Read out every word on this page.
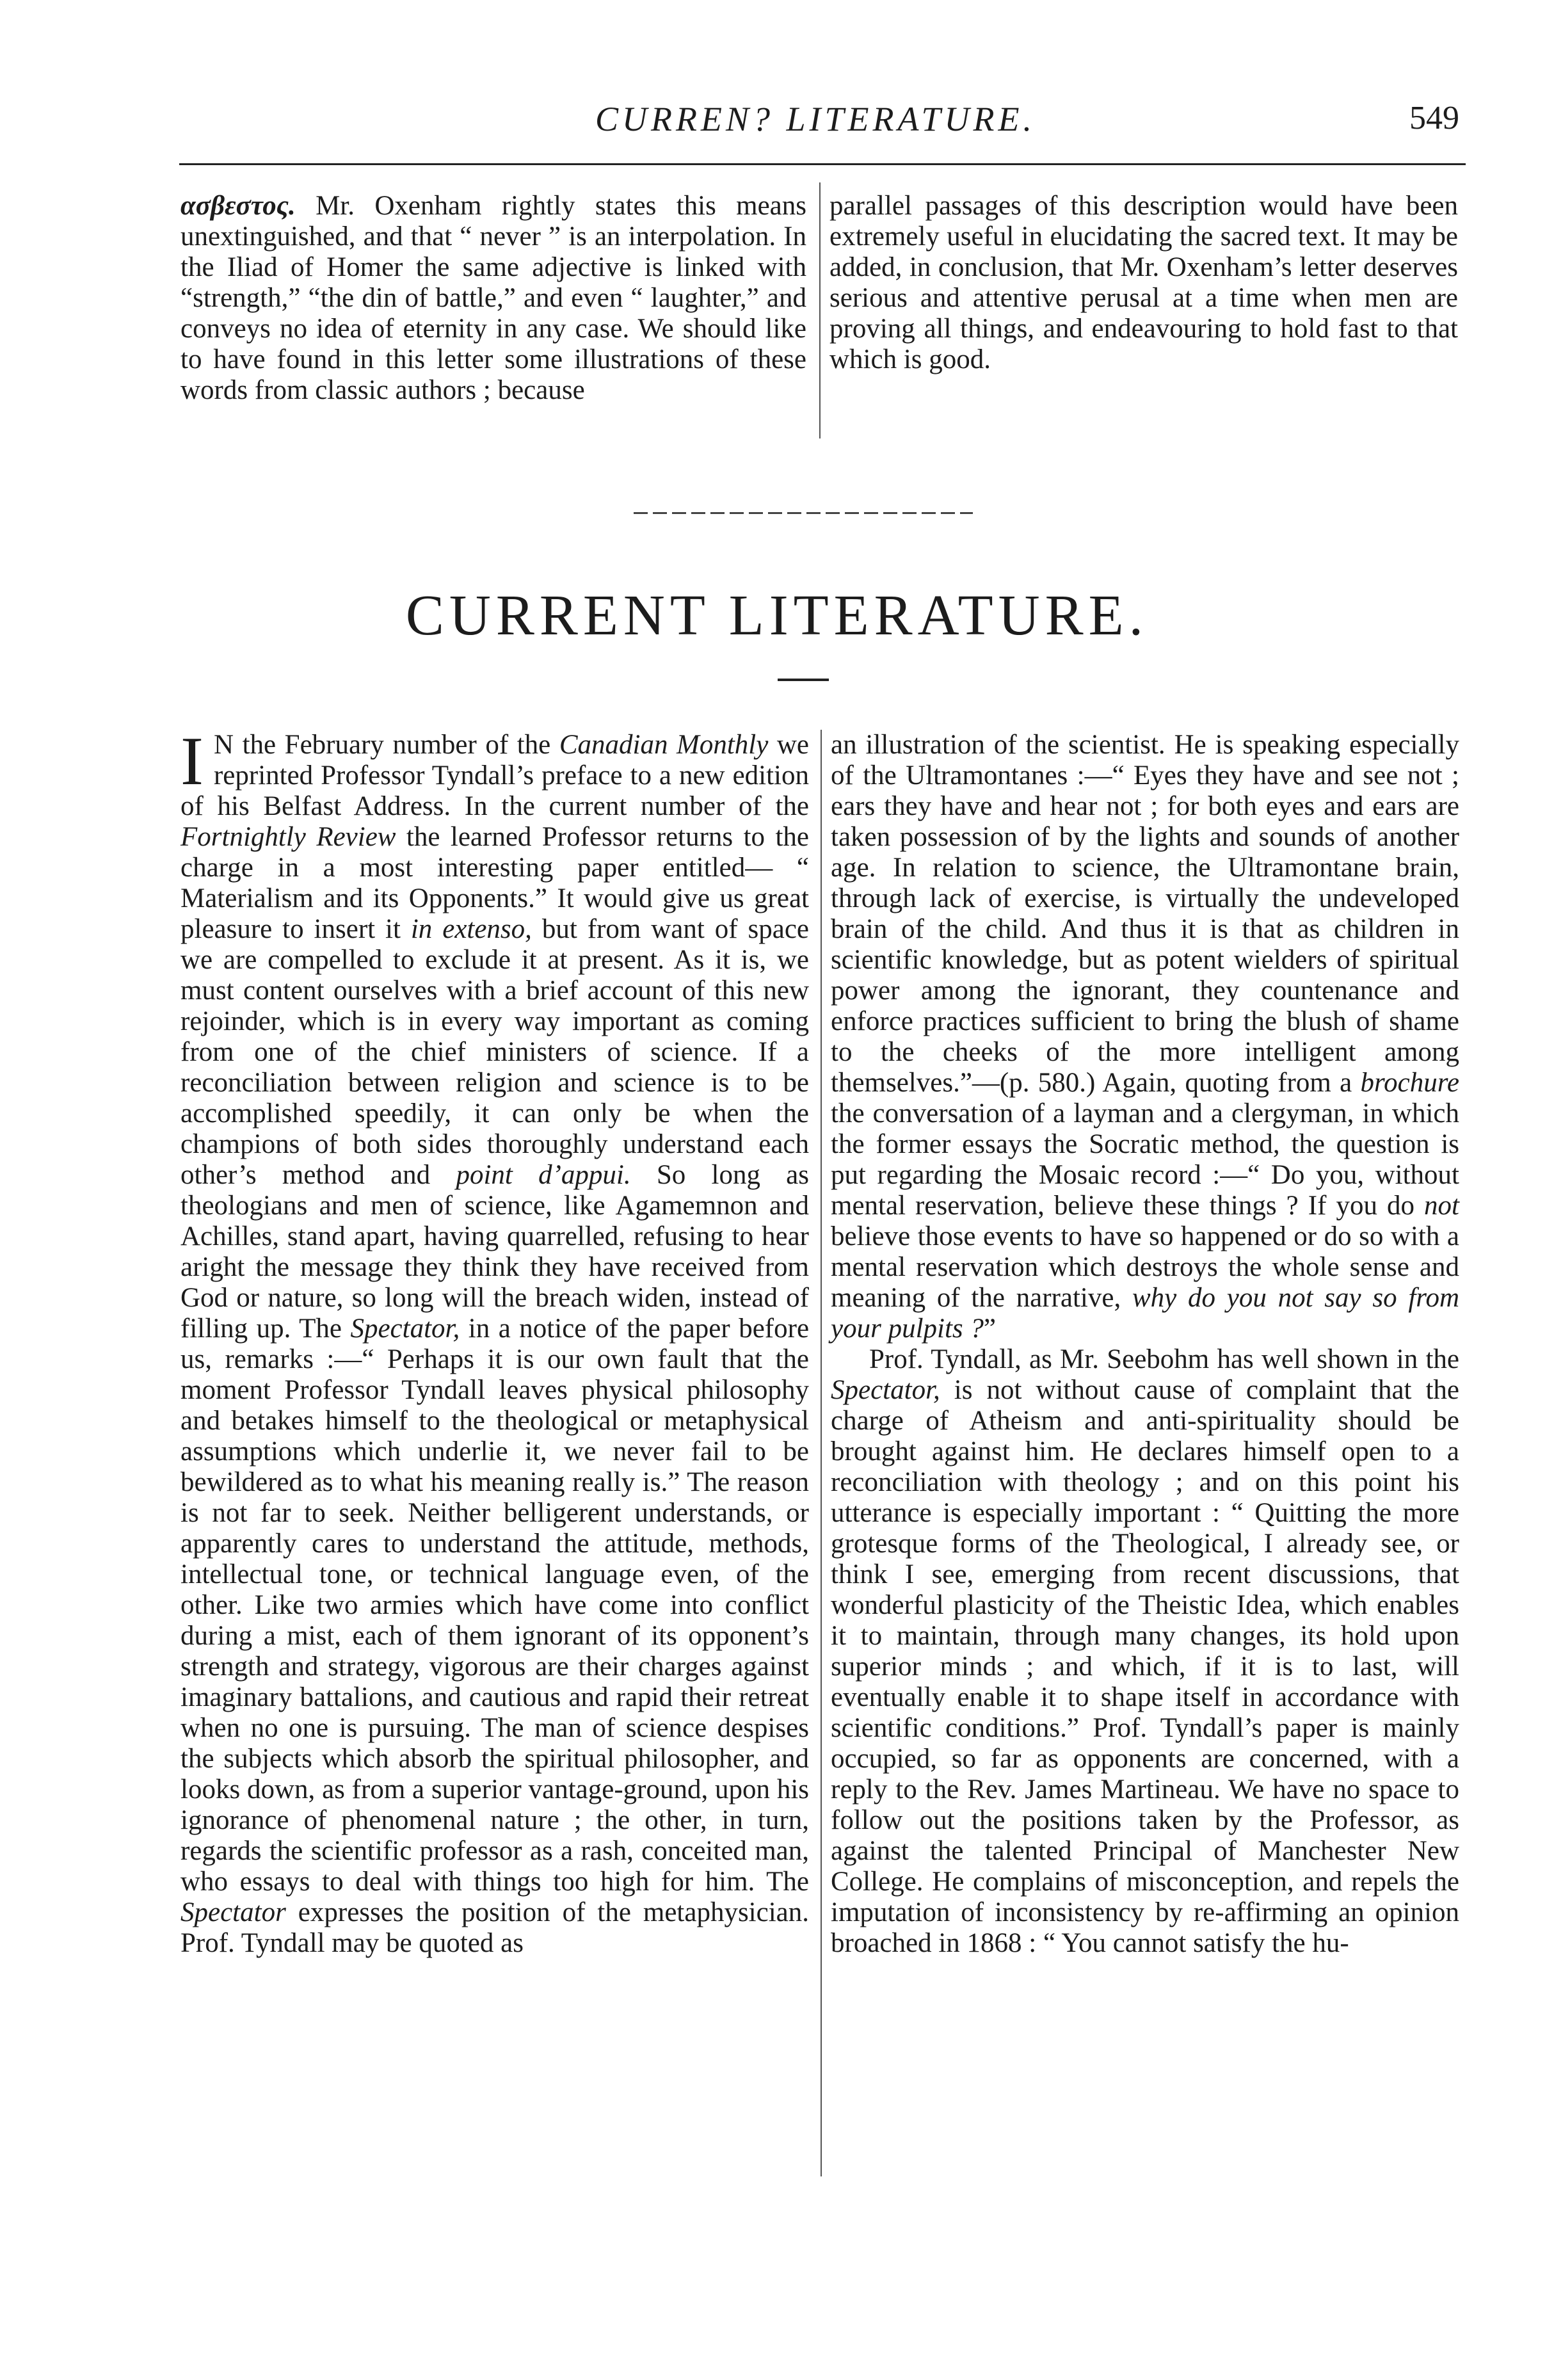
CURREN? LITERATURE.	549

ασβεστος. Mr. Oxenham rightly states this means unextinguished, and that “ never ” is an interpolation. In the Iliad of Homer the same adjective is linked with “strength,” “the din of battle,” and even “ laughter,” and conveys no idea of eternity in any case. We should like to have found in this letter some illustrations of these words from classic authors ; because

parallel passages of this description would have been extremely useful in elucidating the sacred text. It may be added, in conclusion, that Mr. Oxenham’s letter deserves serious and attentive perusal at a time when men are proving all things, and endeavouring to hold fast to that which is good.

CURRENT LITERATURE.

I N the February number of the Canadian Monthly we reprinted Professor Tyndall’s preface to a new edition of his Belfast Address. In the current number of the Fortnightly Review the learned Professor returns to the charge in a most interesting paper entitled— “ Materialism and its Opponents.” It would give us great pleasure to insert it in extenso, but from want of space we are compelled to exclude it at present. As it is, we must content ourselves with a brief account of this new rejoinder, which is in every way important as coming from one of the chief ministers of science. If a reconciliation between religion and science is to be accomplished speedily, it can only be when the champions of both sides thoroughly understand each other’s method and point d’appui. So long as theologians and men of science, like Agamemnon and Achilles, stand apart, having quarrelled, refusing to hear aright the message they think they have received from God or nature, so long will the breach widen, instead of filling up. The Spectator, in a notice of the paper before us, remarks :—“ Perhaps it is our own fault that the moment Professor Tyndall leaves physical philosophy and betakes himself to the theological or metaphysical assumptions which underlie it, we never fail to be bewildered as to what his meaning really is.” The reason is not far to seek. Neither belligerent understands, or apparently cares to understand the attitude, methods, intellectual tone, or technical language even, of the other. Like two armies which have come into conflict during a mist, each of them ignorant of its opponent’s strength and strategy, vigorous are their charges against imaginary battalions, and cautious and rapid their retreat when no one is pursuing. The man of science despises the subjects which absorb the spiritual philosopher, and looks down, as from a superior vantage-ground, upon his ignorance of phenomenal nature ; the other, in turn, regards the scientific professor as a rash, conceited man, who essays to deal with things too high for him. The Spectator expresses the position of the metaphysician. Prof. Tyndall may be quoted as

an illustration of the scientist. He is speaking especially of the Ultramontanes :—“ Eyes they have and see not ; ears they have and hear not ; for both eyes and ears are taken possession of by the lights and sounds of another age. In relation to science, the Ultramontane brain, through lack of exercise, is virtually the undeveloped brain of the child. And thus it is that as children in scientific knowledge, but as potent wielders of spiritual power among the ignorant, they countenance and enforce practices sufficient to bring the blush of shame to the cheeks of the more intelligent among themselves.”—(p. 580.) Again, quoting from a brochure the conversation of a layman and a clergyman, in which the former essays the Socratic method, the question is put regarding the Mosaic record :—“ Do you, without mental reservation, believe these things ? If you do not believe those events to have so happened or do so with a mental reservation which destroys the whole sense and meaning of the narrative, why do you not say so from your pulpits ?”

Prof. Tyndall, as Mr. Seebohm has well shown in the Spectator, is not without cause of complaint that the charge of Atheism and anti-spirituality should be brought against him. He declares himself open to a reconciliation with theology ; and on this point his utterance is especially important : “ Quitting the more grotesque forms of the Theological, I already see, or think I see, emerging from recent discussions, that wonderful plasticity of the Theistic Idea, which enables it to maintain, through many changes, its hold upon superior minds ; and which, if it is to last, will eventually enable it to shape itself in accordance with scientific conditions.” Prof. Tyndall’s paper is mainly occupied, so far as opponents are concerned, with a reply to the Rev. James Martineau. We have no space to follow out the positions taken by the Professor, as against the talented Principal of Manchester New College. He complains of misconception, and repels the imputation of inconsistency by re-affirming an opinion broached in 1868 : “ You cannot satisfy the hu-
